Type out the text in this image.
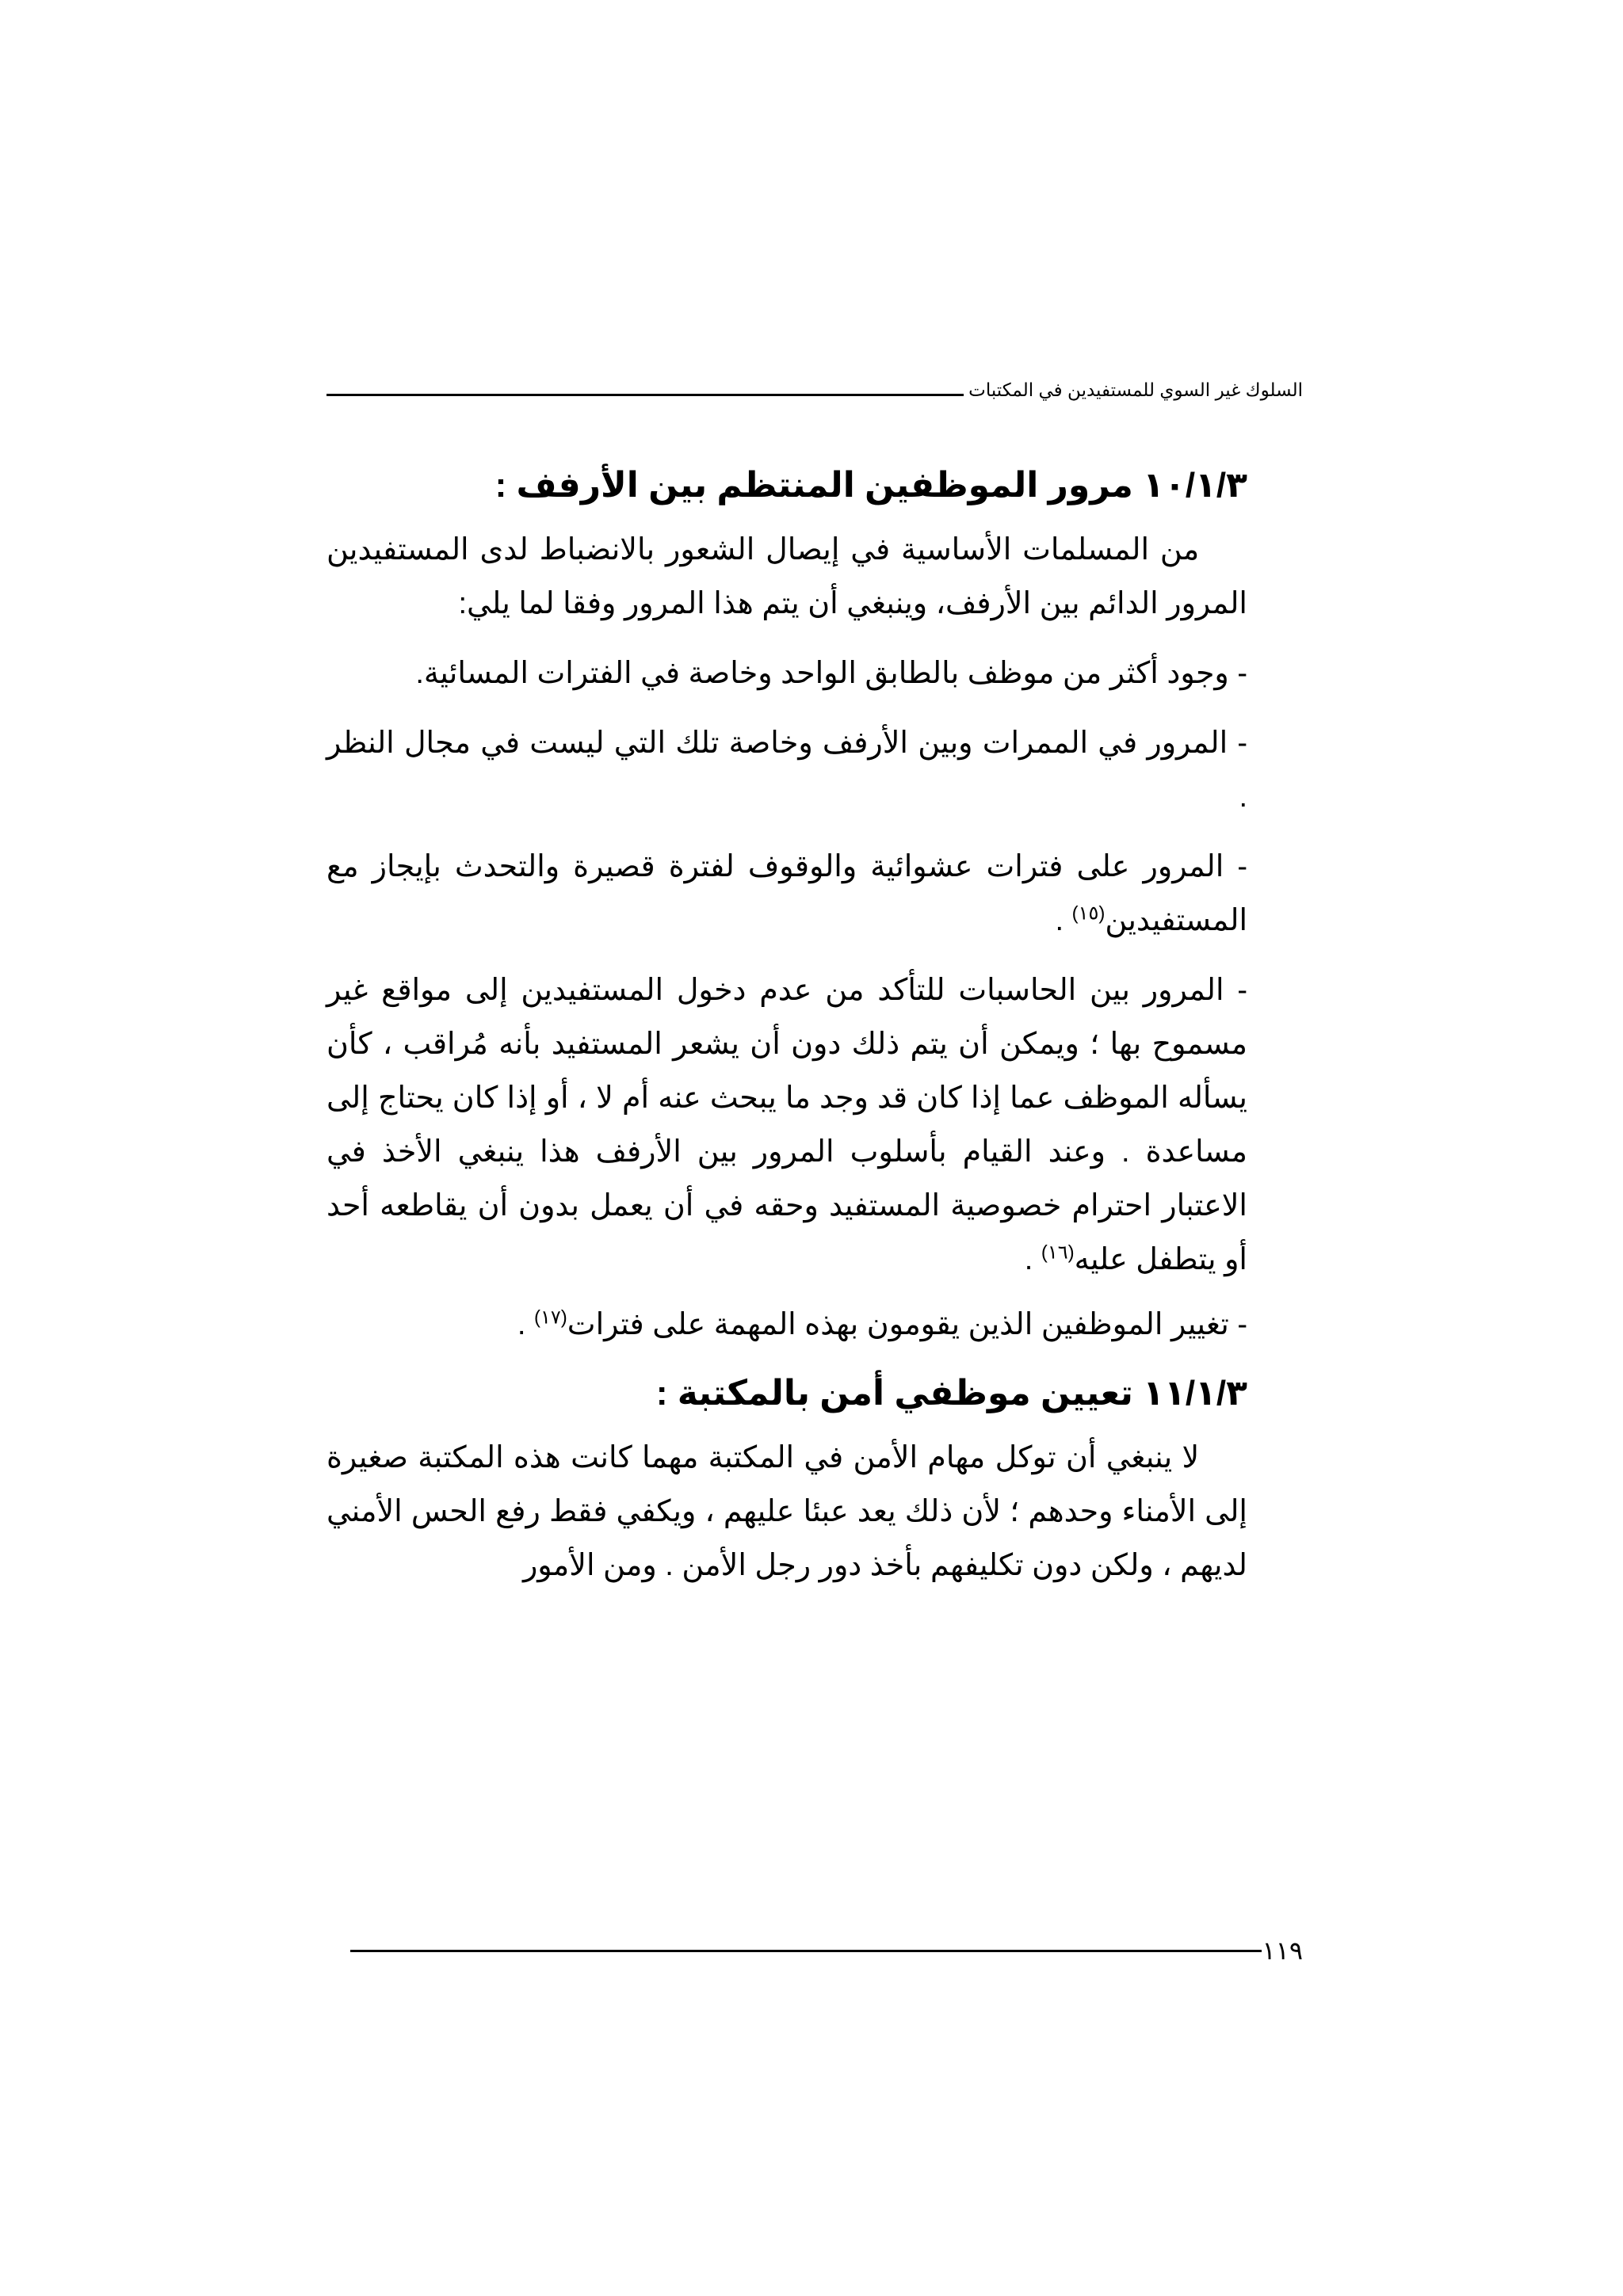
السلوك غير السوي للمستفيدين في المكتبات

١٠/١/٣ مرور الموظفين المنتظم بين الأرفف :

من المسلمات الأساسية في إيصال الشعور بالانضباط لدى المستفيدين المرور الدائم بين الأرفف، وينبغي أن يتم هذا المرور وفقا لما يلي:

- وجود أكثر من موظف بالطابق الواحد وخاصة في الفترات المسائية.

- المرور في الممرات وبين الأرفف وخاصة تلك التي ليست في مجال النظر .

- المرور على فترات عشوائية والوقوف لفترة قصيرة والتحدث بإيجاز مع المستفيدين$^{(١٥)}$ .

- المرور بين الحاسبات للتأكد من عدم دخول المستفيدين إلى مواقع غير مسموح بها ؛ ويمكن أن يتم ذلك دون أن يشعر المستفيد بأنه مُراقب ، كأن يسأله الموظف عما إذا كان قد وجد ما يبحث عنه أم لا ، أو إذا كان يحتاج إلى مساعدة . وعند القيام بأسلوب المرور بين الأرفف هذا ينبغي الأخذ في الاعتبار احترام خصوصية المستفيد وحقه في أن يعمل بدون أن يقاطعه أحد أو يتطفل عليه$^{(١٦)}$ .

- تغيير الموظفين الذين يقومون بهذه المهمة على فترات$^{(١٧)}$ .

١١/١/٣ تعيين موظفي أمن بالمكتبة :

لا ينبغي أن توكل مهام الأمن في المكتبة مهما كانت هذه المكتبة صغيرة إلى الأمناء وحدهم ؛ لأن ذلك يعد عبئا عليهم ، ويكفي فقط رفع الحس الأمني لديهم ، ولكن دون تكليفهم بأخذ دور رجل الأمن . ومن الأمور

١١٩
